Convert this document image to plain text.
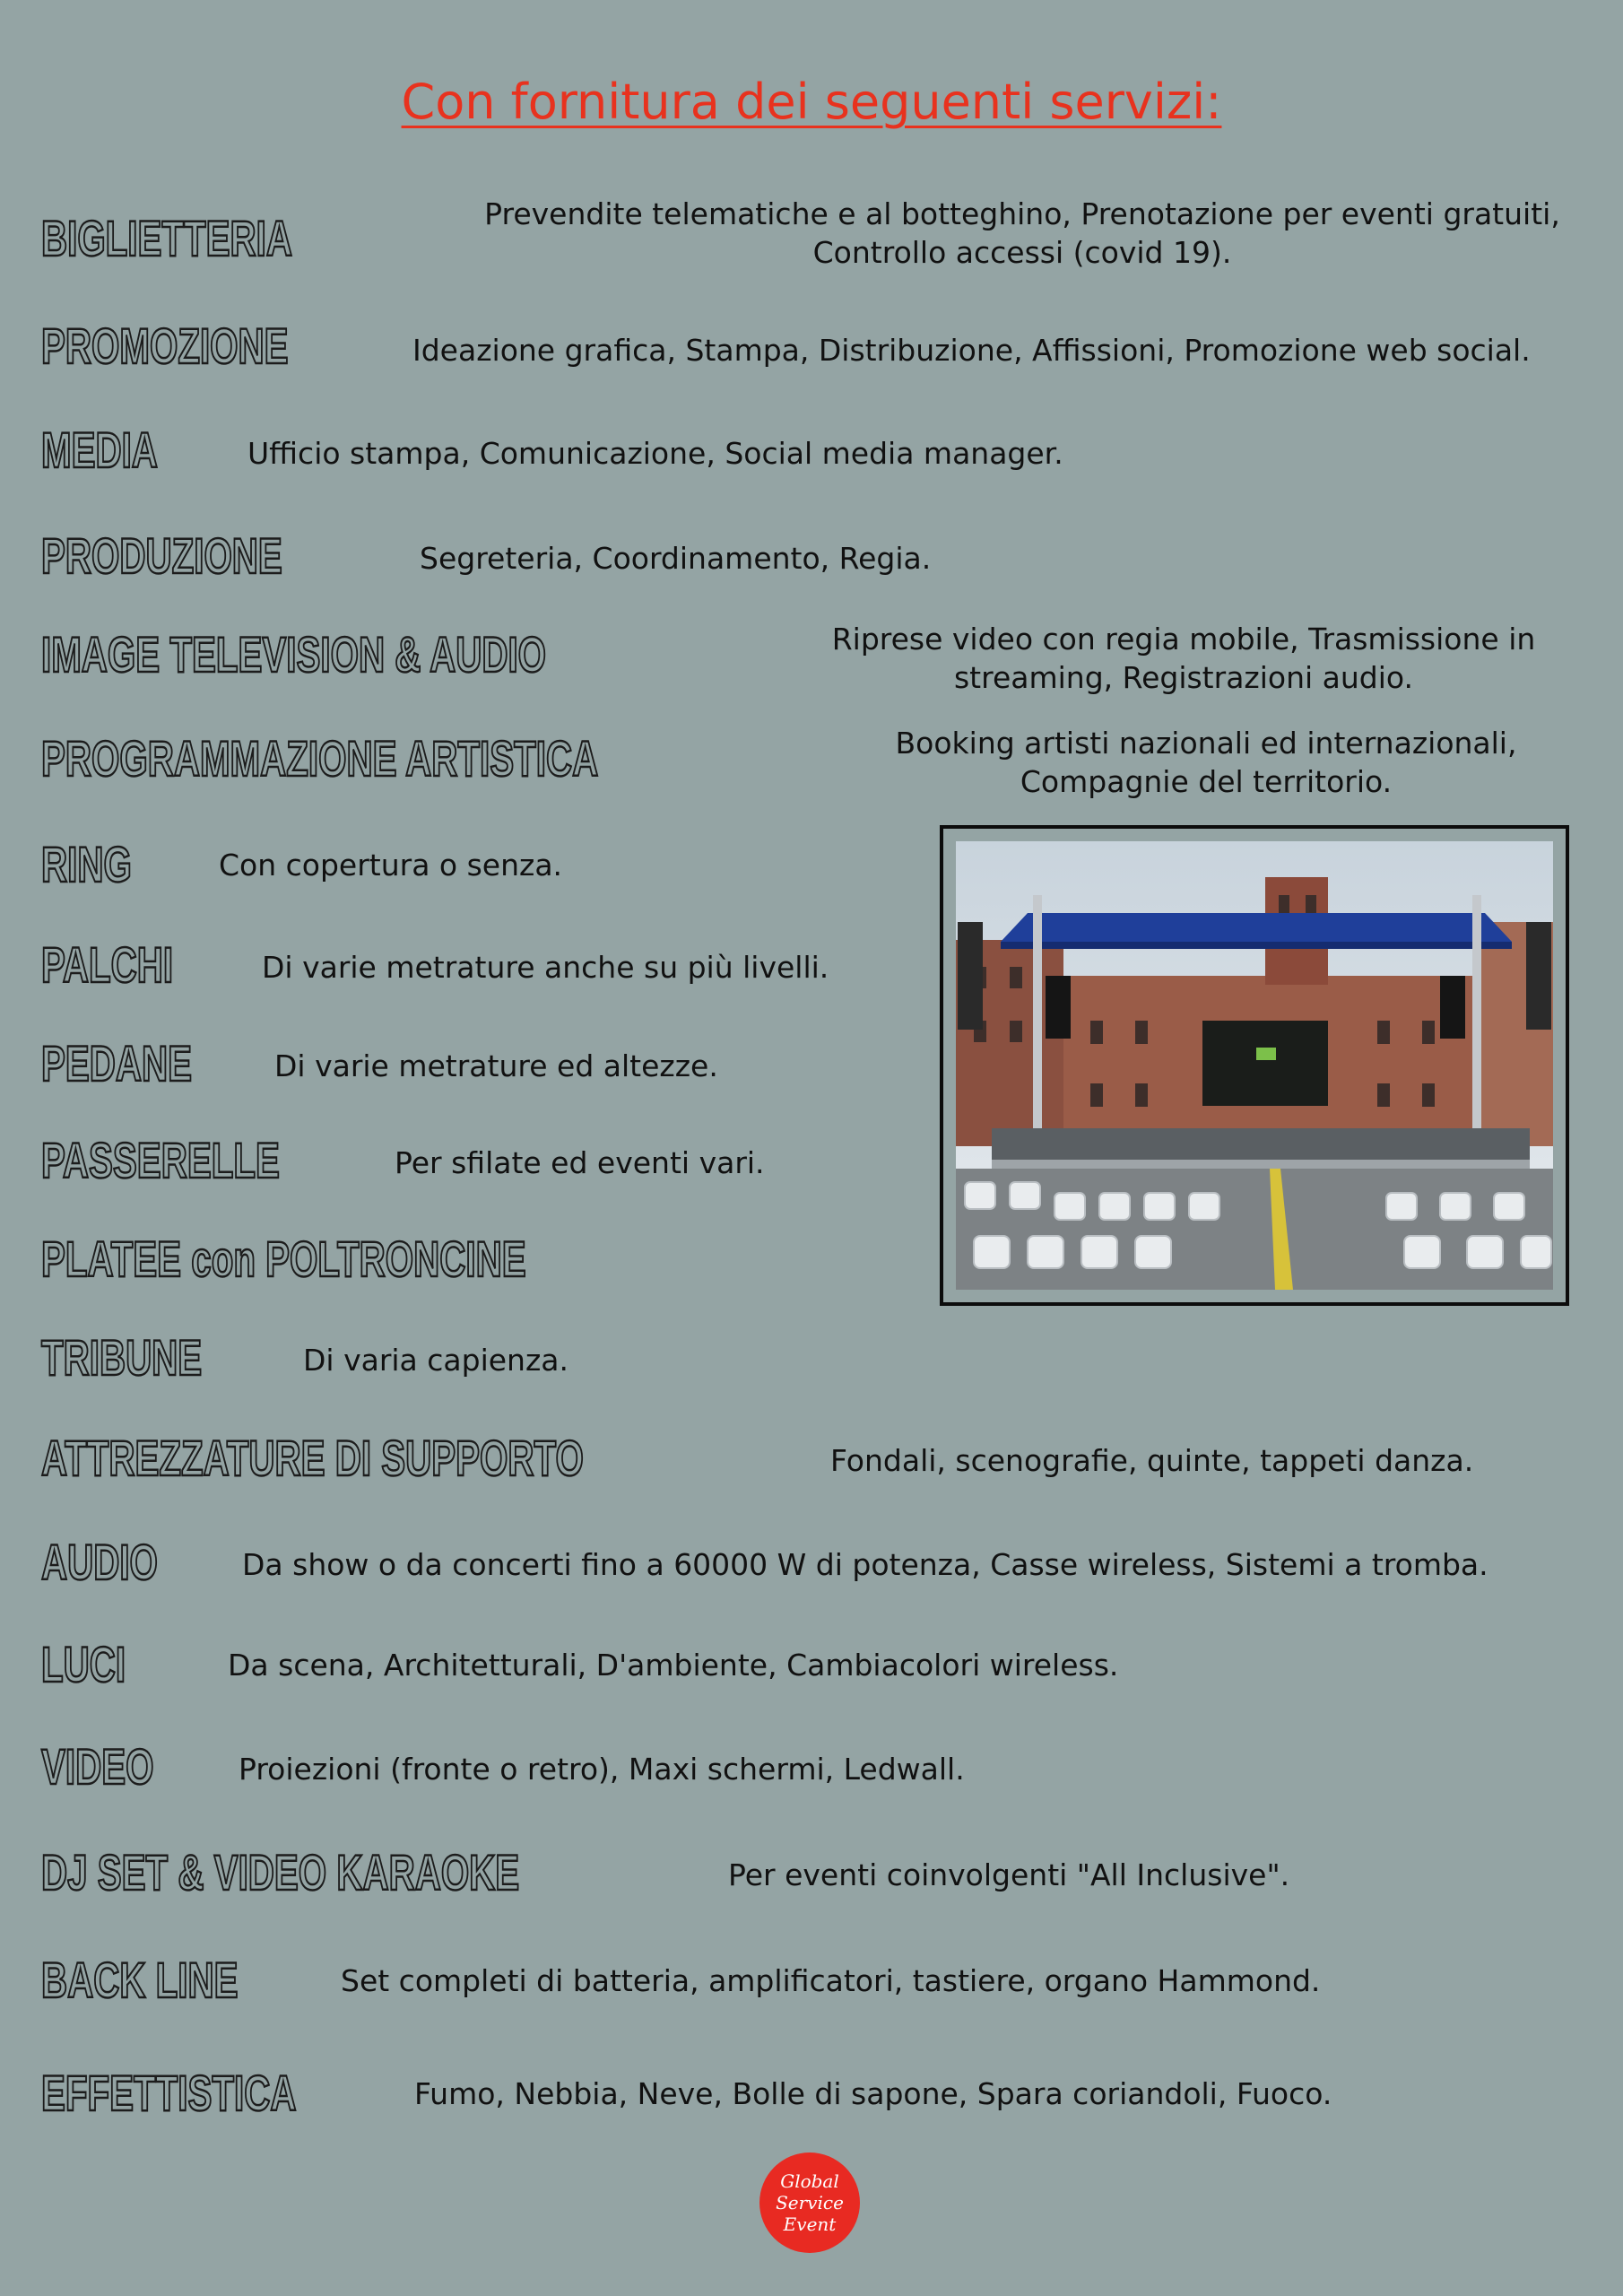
Con fornitura dei seguenti servizi:

BIGLIETTERIA	Prevendite telematiche e al botteghino, Prenotazione per eventi gratuiti, Controllo accessi (covid 19).

PROMOZIONE	Ideazione grafica, Stampa, Distribuzione, Affissioni, Promozione web social.

MEDIA	Ufficio stampa, Comunicazione, Social media manager.

PRODUZIONE	Segreteria, Coordinamento, Regia.

IMAGE TELEVISION & AUDIO	Riprese video con regia mobile, Trasmissione in streaming, Registrazioni audio.

PROGRAMMAZIONE ARTISTICA	Booking artisti nazionali ed internazionali, Compagnie del territorio.

RING	Con copertura o senza.

PALCHI	Di varie metrature anche su più livelli.

PEDANE	Di varie metrature ed altezze.

PASSERELLE	Per sfilate ed eventi vari.

PLATEE con POLTRONCINE

TRIBUNE	Di varia capienza.

ATTREZZATURE DI SUPPORTO	Fondali, scenografie, quinte, tappeti danza.

AUDIO	Da show o da concerti fino a 60000 W di potenza, Casse wireless, Sistemi a tromba.

LUCI	Da scena, Architetturali, D'ambiente, Cambiacolori wireless.

VIDEO	Proiezioni (fronte o retro), Maxi schermi, Ledwall.

DJ SET & VIDEO KARAOKE	Per eventi coinvolgenti "All Inclusive".

BACK LINE	Set completi di batteria, amplificatori, tastiere, organo Hammond.

EFFETTISTICA	Fumo, Nebbia, Neve, Bolle di sapone, Spara coriandoli, Fuoco.

Global
Service
Event
